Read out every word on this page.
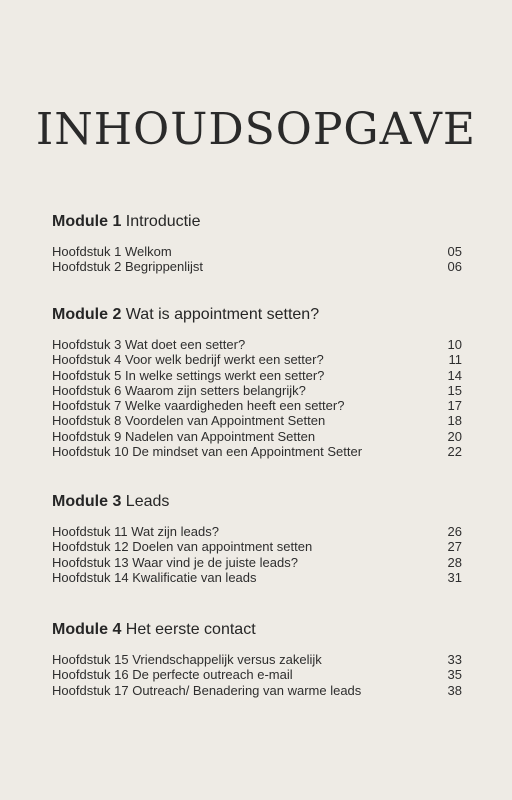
INHOUDSOPGAVE
Module 1 Introductie
Hoofdstuk 1 Welkom	05
Hoofdstuk 2 Begrippenlijst	06
Module 2 Wat is appointment setten?
Hoofdstuk 3 Wat doet een setter?	10
Hoofdstuk 4 Voor welk bedrijf werkt een setter?	11
Hoofdstuk 5 In welke settings werkt een setter?	14
Hoofdstuk 6 Waarom zijn setters belangrijk?	15
Hoofdstuk 7 Welke vaardigheden heeft een setter?	17
Hoofdstuk 8 Voordelen van Appointment Setten	18
Hoofdstuk 9 Nadelen van Appointment Setten	20
Hoofdstuk 10 De mindset van een Appointment Setter	22
Module 3 Leads
Hoofdstuk 11 Wat zijn leads?	26
Hoofdstuk 12 Doelen van appointment setten	27
Hoofdstuk 13 Waar vind je de juiste leads?	28
Hoofdstuk 14 Kwalificatie van leads	31
Module 4 Het eerste contact
Hoofdstuk 15 Vriendschappelijk versus zakelijk	33
Hoofdstuk 16 De perfecte outreach e-mail	35
Hoofdstuk 17 Outreach/ Benadering van warme leads	38
